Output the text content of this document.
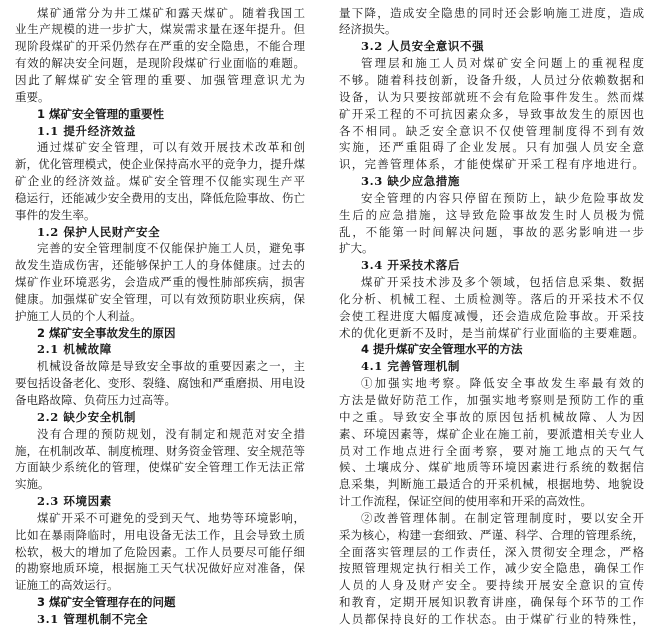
煤矿通常分为井工煤矿和露天煤矿。随着我国工
业生产规模的进一步扩大，煤炭需求量在逐年提升。但
现阶段煤矿的开采仍然存在严重的安全隐患，不能合理
有效的解决安全问题，是现阶段煤矿行业面临的难题。
因此了解煤矿安全管理的重要、加强管理意识尤为
重要。
1 煤矿安全管理的重要性
1.1 提升经济效益
通过煤矿安全管理，可以有效开展技术改革和创
新，优化管理模式，使企业保持高水平的竞争力，提升煤
矿企业的经济效益。煤矿安全管理不仅能实现生产平
稳运行，还能减少安全费用的支出，降低危险事故、伤亡
事件的发生率。
1.2 保护人民财产安全
完善的安全管理制度不仅能保护施工人员，避免事
故发生造成伤害，还能够保护工人的身体健康。过去的
煤矿作业环境恶劣，会造成严重的慢性肺部疾病，损害
健康。加强煤矿安全管理，可以有效预防职业疾病，保
护施工人员的个人利益。
2 煤矿安全事故发生的原因
2.1 机械故障
机械设备故障是导致安全事故的重要因素之一，主
要包括设备老化、变形、裂缝、腐蚀和严重磨损、用电设
备电路故障、负荷压力过高等。
2.2 缺少安全机制
没有合理的预防规划，没有制定和规范对安全措
施，在机制改革、制度梳理、财务资金管理、安全规范等
方面缺少系统化的管理，使煤矿安全管理工作无法正常
实施。
2.3 环境因素
煤矿开采不可避免的受到天气、地势等环境影响，
比如在暴雨降临时，用电设备无法工作，且会导致土质
松软，极大的增加了危险因素。工作人员要尽可能仔细
的勘察地质环境，根据施工天气状况做好应对准备，保
证施工的高效运行。
3 煤矿安全管理存在的问题
3.1 管理机制不完全
量下降，造成安全隐患的同时还会影响施工进度，造成
经济损失。
3.2 人员安全意识不强
管理层和施工人员对煤矿安全问题上的重视程度
不够。随着科技创新，设备升级，人员过分依赖数据和
设备，认为只要按部就班不会有危险事件发生。然而煤
矿开采工程的不可抗因素众多，导致事故发生的原因也
各不相同。缺乏安全意识不仅使管理制度得不到有效
实施，还严重阻碍了企业发展。只有加强人员安全意
识，完善管理体系，才能使煤矿开采工程有序地进行。
3.3 缺少应急措施
安全管理的内容只停留在预防上，缺少危险事故发
生后的应急措施，这导致危险事故发生时人员极为慌
乱，不能第一时间解决问题，事故的恶劣影响进一步
扩大。
3.4 开采技术落后
煤矿开采技术涉及多个领域，包括信息采集、数据
化分析、机械工程、土质检测等。落后的开采技术不仅
会使工程进度大幅度减慢，还会造成危险事故。开采技
术的优化更新不及时，是当前煤矿行业面临的主要难题。
4 提升煤矿安全管理水平的方法
4.1 完善管理机制
①加强实地考察。降低安全事故发生率最有效的
方法是做好防范工作，加强实地考察则是预防工作的重
中之重。导致安全事故的原因包括机械故障、人为因
素、环境因素等，煤矿企业在施工前，要派遣相关专业人
员对工作地点进行全面考察，要对施工地点的天气气
候、土壤成分、煤矿地质等环境因素进行系统的数据信
息采集，判断施工最适合的开采机械，根据地势、地貌设
计工作流程，保证空间的使用率和开采的高效性。
②改善管理体制。在制定管理制度时，要以安全开
采为核心，构建一套细致、严谨、科学、合理的管理系统，
全面落实管理层的工作责任，深入贯彻安全理念，严格
按照管理规定执行相关工作，减少安全隐患，确保工作
人员的人身及财产安全。要持续开展安全意识的宣传
和教育，定期开展知识教育讲座，确保每个环节的工作
人员都保持良好的工作状态。由于煤矿行业的特殊性，
